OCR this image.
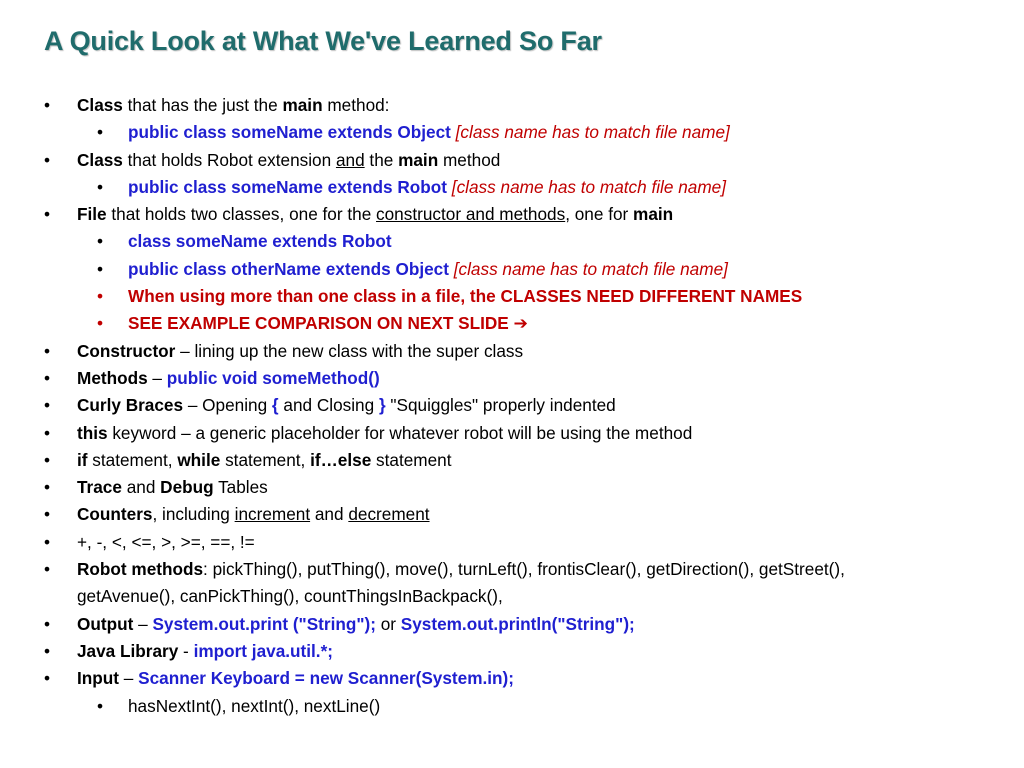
A Quick Look at What We've Learned So Far
• Class that has the just the main method:
• public class someName extends Object [class name has to match file name]
• Class that holds Robot extension and the main method
• public class someName extends Robot [class name has to match file name]
• File that holds two classes, one for the constructor and methods, one for main
• class someName extends Robot
• public class otherName extends Object [class name has to match file name]
• When using more than one class in a file, the CLASSES NEED DIFFERENT NAMES
• SEE EXAMPLE COMPARISON ON NEXT SLIDE ➔
• Constructor – lining up the new class with the super class
• Methods – public void someMethod()
• Curly Braces – Opening { and Closing } "Squiggles" properly indented
• this keyword – a generic placeholder for whatever robot will be using the method
• if statement, while statement, if…else statement
• Trace and Debug Tables
• Counters, including increment and decrement
• +, -, <, <=, >, >=, ==, !=
• Robot methods: pickThing(), putThing(), move(), turnLeft(), frontisClear(), getDirection(), getStreet(), getAvenue(), canPickThing(), countThingsInBackpack(),
• Output – System.out.print ("String"); or System.out.println("String");
• Java Library - import java.util.*;
• Input – Scanner Keyboard = new Scanner(System.in);
• hasNextInt(), nextInt(), nextLine()
